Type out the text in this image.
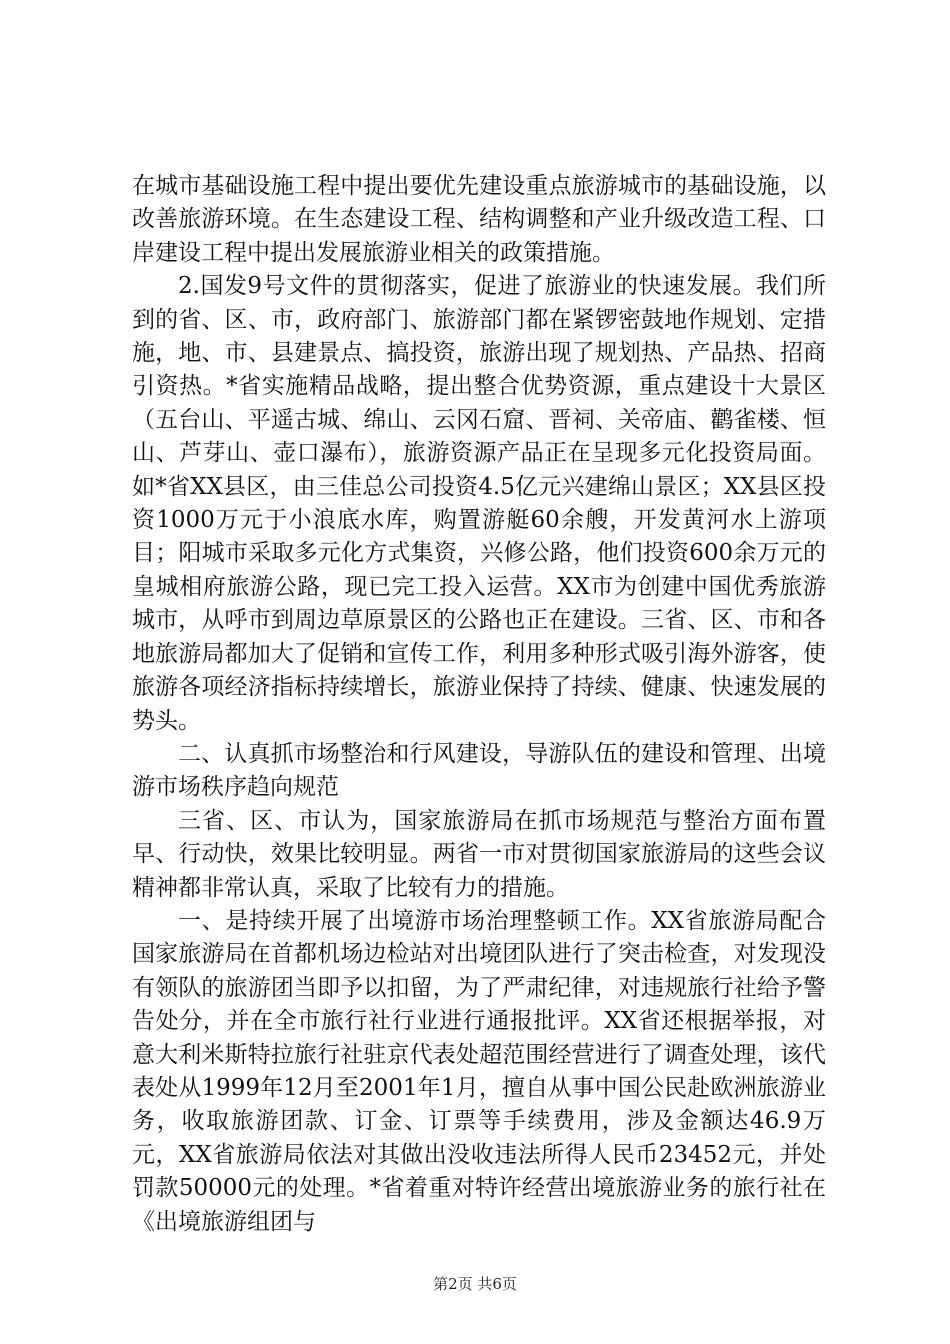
在城市基础设施工程中提出要优先建设重点旅游城市的基础设施，以改善旅游环境。在生态建设工程、结构调整和产业升级改造工程、口岸建设工程中提出发展旅游业相关的政策措施。

2.国发9号文件的贯彻落实，促进了旅游业的快速发展。我们所到的省、区、市，政府部门、旅游部门都在紧锣密鼓地作规划、定措施，地、市、县建景点、搞投资，旅游出现了规划热、产品热、招商引资热。*省实施精品战略，提出整合优势资源，重点建设十大景区（五台山、平遥古城、绵山、云冈石窟、晋祠、关帝庙、鹳雀楼、恒山、芦芽山、壶口瀑布），旅游资源产品正在呈现多元化投资局面。如*省XX县区，由三佳总公司投资4.5亿元兴建绵山景区；XX县区投资1000万元于小浪底水库，购置游艇60余艘，开发黄河水上游项目；阳城市采取多元化方式集资，兴修公路，他们投资600余万元的皇城相府旅游公路，现已完工投入运营。XX市为创建中国优秀旅游城市，从呼市到周边草原景区的公路也正在建设。三省、区、市和各地旅游局都加大了促销和宣传工作，利用多种形式吸引海外游客，使旅游各项经济指标持续增长，旅游业保持了持续、健康、快速发展的势头。

二、认真抓市场整治和行风建设，导游队伍的建设和管理、出境游市场秩序趋向规范

三省、区、市认为，国家旅游局在抓市场规范与整治方面布置早、行动快，效果比较明显。两省一市对贯彻国家旅游局的这些会议精神都非常认真，采取了比较有力的措施。

一、是持续开展了出境游市场治理整顿工作。XX省旅游局配合国家旅游局在首都机场边检站对出境团队进行了突击检查，对发现没有领队的旅游团当即予以扣留，为了严肃纪律，对违规旅行社给予警告处分，并在全市旅行社行业进行通报批评。XX省还根据举报，对意大利米斯特拉旅行社驻京代表处超范围经营进行了调查处理，该代表处从1999年12月至2001年1月，擅自从事中国公民赴欧洲旅游业务，收取旅游团款、订金、订票等手续费用，涉及金额达46.9万元，XX省旅游局依法对其做出没收违法所得人民币23452元，并处罚款50000元的处理。*省着重对特许经营出境旅游业务的旅行社在《出境旅游组团与

第2页 共6页
